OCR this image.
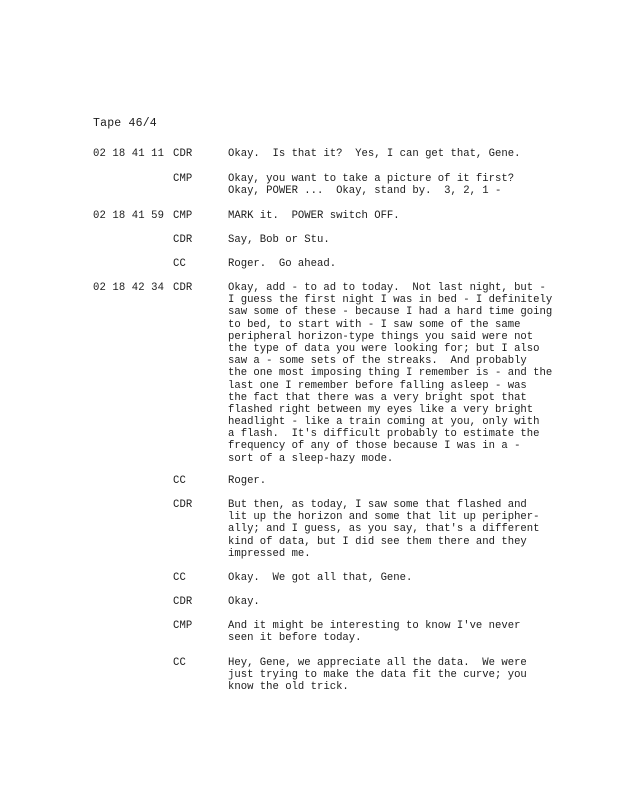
Tape 46/4
02 18 41 11 CDR	Okay.  Is that it?  Yes, I can get that, Gene.
CMP	Okay, you want to take a picture of it first?
Okay, POWER ...  Okay, stand by.  3, 2, 1 -
02 18 41 59 CMP	MARK it.  POWER switch OFF.
CDR	Say, Bob or Stu.
CC	Roger.  Go ahead.
02 18 42 34 CDR	Okay, add - to ad to today.  Not last night, but -
I guess the first night I was in bed - I definitely
saw some of these - because I had a hard time going
to bed, to start with - I saw some of the same
peripheral horizon-type things you said were not
the type of data you were looking for; but I also
saw a - some sets of the streaks.  And probably
the one most imposing thing I remember is - and the
last one I remember before falling asleep - was
the fact that there was a very bright spot that
flashed right between my eyes like a very bright
headlight - like a train coming at you, only with
a flash.  It's difficult probably to estimate the
frequency of any of those because I was in a -
sort of a sleep-hazy mode.
CC	Roger.
CDR	But then, as today, I saw some that flashed and
lit up the horizon and some that lit up peripher-
ally; and I guess, as you say, that's a different
kind of data, but I did see them there and they
impressed me.
CC	Okay.  We got all that, Gene.
CDR	Okay.
CMP	And it might be interesting to know I've never
seen it before today.
CC	Hey, Gene, we appreciate all the data.  We were
just trying to make the data fit the curve; you
know the old trick.
